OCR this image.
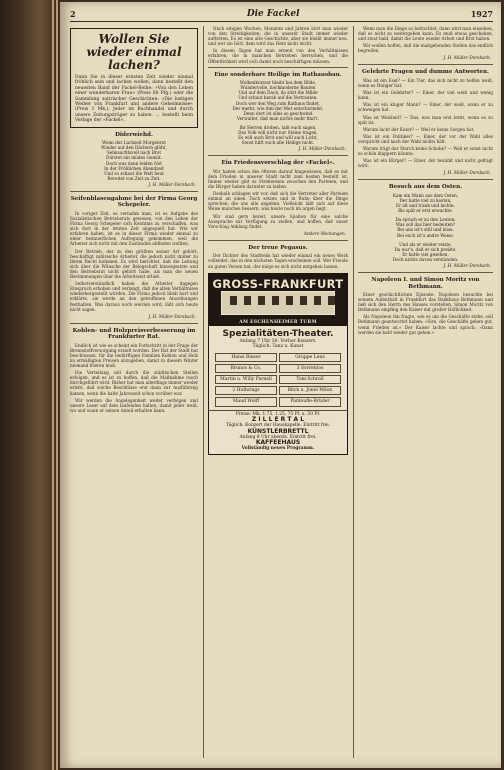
2	Die Fackel	1927
Wollen Sie wieder einmal lachen?
Dann Sie in dieser ernsten Zeit wieder einmal fröhlich sein und lachen wollen, dann bestellt den neuesten Band der Fackel-Reihe: »Von den Leben einer wunderbaren Frau« (Preis 60 Pfg.) oder die Sammlung satirischer Geschichten: »Die lustigen Weiber von Frankfurt und andere Geheimnisse« (Preis 1 Mk.). Jeder im Buchhandel und durch unsere Zeitungsträger zu haben. ... bestellt beim Verlage der »Fackel«.
Diderwiehd.
Wenn der Lachzeit Morgenrot
Wieder auf den Dächern glüht,
Sehnsuchtsvoll nach Brot
Dürstet ein müdes Gemüt.
Doch was dann leiden Not
In der Fröhlichen Abendzeit
Und so schaut die Welt heut
Bereitet von Zeit zu Zeit.
J. H. Müller-Dorsbach.
Seifenblasengahme bei der Firma Georg Schepeler.

In voriger Zeit, so vernahm man, ist es Aufgabe des Sozialistischen Betriebsrats gewesen, von den Leben der Firma Georg Schepeler sich Kenntnis zu verschaffen, was sich dort in der letzten Zeit abgespielt hat. Wie wir erfahren haben, ist es in dieser Firma wieder einmal zu einer bedauerlichen Aufregung gekommen, weil die Arbeiter sich nicht mit den Zuständen abfinden wollten.

Der Betrieb, der zu den größten seiner Art gehört, beschäftigt zahlreiche Arbeiter, die jedoch nicht immer zu ihrem Recht kommen. Es wird berichtet, daß die Leitung sich über die Wünsche der Belegschaft hinwegsetzte und den Betriebsrat nicht gehört habe, als man die neuen Bestimmungen über die Arbeitszeit erließ.

Selbstverständlich haben die Arbeiter dagegen Einspruch erhoben und verlangt, daß die alten Verhältnisse wiederhergestellt würden. Die Firma jedoch blieb hart und erklärte, sie werde an den getroffenen Anordnungen festhalten. Was daraus noch werden wird, läßt sich heute nicht sagen.

J. H. Müller-Dorsbach.
Kohlen- und Holzpreisverbesserung im Frankfurter Rat.

Endlich ist wie es scheint ein Fortschritt in der Frage der Brennstoffversorgung erzielt worden. Der Rat der Stadt hat beschlossen, für die bedürftigen Familien Kohlen und Holz zu ermäßigten Preisen abzugeben, damit in diesem Winter niemand frieren muß.

Die Verteilung soll durch die städtischen Stellen erfolgen, und es ist zu hoffen, daß die Maßnahme rasch durchgeführt wird. Bisher hat man allerdings immer wieder erlebt, daß solche Beschlüsse erst dann zur Ausführung kamen, wenn die kalte Jahreszeit schon vorüber war.

Wir werden die Angelegenheit weiter verfolgen und unsere Leser auf dem laufenden halten, damit jeder weiß, wo und wann er seinen Anteil erhalten kann.

Nach einigen Wochen, Monaten und Jahren hört man wieder von den Streitigkeiten, die in unserer Stadt immer wieder auftreten. Es ist eine alte Geschichte, aber sie bleibt immer neu, und wer sie hört, dem wird das Herz nicht leicht.

In diesen Tagen hat man erneut von den Verhältnissen erfahren, die in manchen Betrieben herrschen, und die Öffentlichkeit wird sich damit noch beschäftigen müssen.

Eine sonderbare Heilige im Rathausbau.
Wolkenkratzer bleibt bei dem Bilde,
Wundervolle, hochmoderne Bauten
Und auf dem Dach, da sitzt die Milde
Und schaut herab auf die Vertrauten.
Doch wer den Weg zum Rathaus findet,
Der merkt, wie ihm der Mut entschwindet,
Denn dort ist alles so geschwind
Verwaltet, daß man nichts mehr find't.
Ihr Herren droben, laßt euch sagen,
Das Volk will nicht nur Steine tragen,
Es will auch Brot und will auch Licht,
Sonst hilft euch alle Heilige nicht.
J. H. Müller-Dorsbach.
Ein Friedensvorschlag der »Fackel«.

Wir haben schon des öfteren darauf hingewiesen, daß es mit dem Frieden in unserer Stadt nicht zum besten bestellt ist. Immer wieder gibt es Streitereien zwischen den Parteien, und die Bürger haben darunter zu leiden.

Deshalb schlagen wir vor, daß sich die Vertreter aller Parteien einmal an einen Tisch setzen und in Ruhe über die Dinge sprechen, die uns alle angehen. Vielleicht läßt sich auf diese Weise manches bessern, was heute noch im argen liegt.

Wir sind gern bereit, unsere Spalten für eine solche Aussprache zur Verfügung zu stellen, und hoffen, daß unser Vorschlag Anklang findet.

Andere Meinungen.
Der treue Pegasus.

Der Dichter des Stadtteils hat wieder einmal ein neues Werk vollendet, das in den nächsten Tagen erscheinen soll. Wer Freude an guten Versen hat, der möge es sich nicht entgehen lassen.

GROSS-FRANKFURT
AM ESCHENHEIMER TURM
Spezialitäten-Theater.
Anfang 7 Uhr 30. Vorher Konzert.
Täglich: Tanz u. Kunst
Hansi Rieser	Gruppe Lenz
Brunos & Co.	3 Sorrentos
Martin u. Willy Parnell	Tom Schroll
2 Hollwings	Blick u. Jonel Milon
Maud Wolff	Pantoufle-Brüder
Preise: Mk. 1.75, 1.25, 75 Pf. u. 50 Pf.
Z I L L E R T A L
Täglich: Konzert der Hauskapelle. Eintritt frei.
KÜNSTLERBRETTL
Anfang 8 Uhr abends. Eintritt frei.
KAFFEEHAUS
Vollständig neues Programm.

Wenn man die Dinge so betrachtet, dann wird man einsehen, daß es nicht so weitergehen kann. Es muß etwas geschehen, und zwar bald, damit die Leute wieder Arbeit und Brot haben.

Wir wollen hoffen, daß die maßgebenden Stellen das endlich begreifen.

J. H. Müller-Dorsbach.
Gelehrte Fragen und dumme Antworten.

Was ist ein Esel? — Ein Tier, das sich nicht zu helfen weiß, wenn es Hunger hat.

Was ist ein Gelehrter? — Einer, der viel weiß und wenig kann.

Was ist ein kluger Mann? — Einer, der weiß, wann er zu schweigen hat.

Was ist Weisheit? — Das, was man erst lernt, wenn es zu spät ist.

Warum lacht der Kater? — Weil er keine Sorgen hat.

Was ist ein Politiker? — Einer, der vor der Wahl alles verspricht und nach der Wahl nichts hält.

Warum trägt der Storch keine Schuhe? — Weil er sonst nicht so schön klappern könnte.

Was ist ein Bürger? — Einer, der bezahlt und nicht gefragt wird.

J. H. Müller-Dorsbach.
Besuch aus dem Osten.
Kam ein Mann aus dem Osten,
Der hatte viel zu kosten,
Er aß und trank und lachte,
Bis spät er erst erwachte.
Da sprach er zu den Leuten:
Was soll das hier bedeuten?
Bei uns ist's still und leise,
Bei euch ist's andre Weise.
Und als er wieder reiste,
Da war's, daß er sich preiste,
Er hatte viel gesehen,
Doch nichts davon verstanden.
J. H. Müller-Dorsbach.
Napoleon I. und Simon Moritz von Bethmann.

Einer geschichtlichen Episode: Napoleon besuchte bei seinem Aufenthalt in Frankfurt das Bankhaus Bethmann und ließ sich den Herrn des Hauses vorstellen. Simon Moritz von Bethmann empfing den Kaiser mit großer Höflichkeit.

Als Napoleon ihn fragte, wie es um die Geschäfte stehe, soll Bethmann geantwortet haben: »Sire, die Geschäfte gehen gut, wenn Frieden ist.« Der Kaiser lachte und sprach: »Dann werden sie bald wieder gut gehen.«
